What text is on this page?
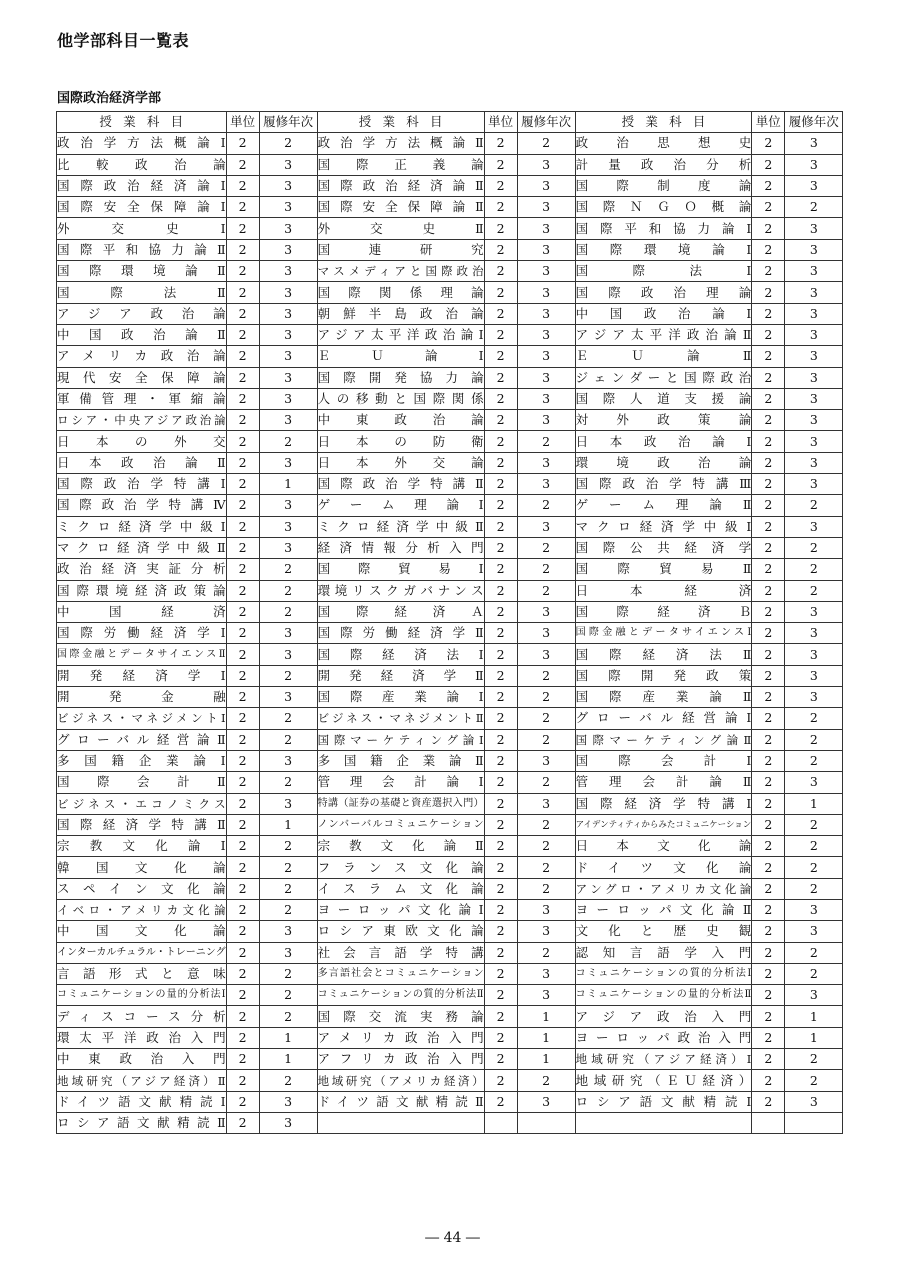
他学部科目一覧表
国際政治経済学部
授業科目	単位	履修年次	授業科目	単位	履修年次	授業科目	単位	履修年次
政治学方法概論Ⅰ	2	2	政治学方法概論Ⅱ	2	2	政治思想史	2	3
比較政治論	2	3	国際正義論	2	3	計量政治分析	2	3
国際政治経済論Ⅰ	2	3	国際政治経済論Ⅱ	2	3	国際制度論	2	3
国際安全保障論Ⅰ	2	3	国際安全保障論Ⅱ	2	3	国際ＮＧＯ概論	2	2
外交史Ⅰ	2	3	外交史Ⅱ	2	3	国際平和協力論Ⅰ	2	3
国際平和協力論Ⅱ	2	3	国連研究	2	3	国際環境論Ⅰ	2	3
国際環境論Ⅱ	2	3	マスメディアと国際政治	2	3	国際法Ⅰ	2	3
国際法Ⅱ	2	3	国際関係理論	2	3	国際政治理論	2	3
アジア政治論	2	3	朝鮮半島政治論	2	3	中国政治論Ⅰ	2	3
中国政治論Ⅱ	2	3	アジア太平洋政治論Ⅰ	2	3	アジア太平洋政治論Ⅱ	2	3
アメリカ政治論	2	3	ＥＵ論Ⅰ	2	3	ＥＵ論Ⅱ	2	3
現代安全保障論	2	3	国際開発協力論	2	3	ジェンダーと国際政治	2	3
軍備管理・軍縮論	2	3	人の移動と国際関係	2	3	国際人道支援論	2	3
ロシア・中央アジア政治論	2	3	中東政治論	2	3	対外政策論	2	3
日本の外交	2	2	日本の防衛	2	2	日本政治論Ⅰ	2	3
日本政治論Ⅱ	2	3	日本外交論	2	3	環境政治論	2	3
国際政治学特講Ⅰ	2	1	国際政治学特講Ⅱ	2	3	国際政治学特講Ⅲ	2	3
国際政治学特講Ⅳ	2	3	ゲーム理論Ⅰ	2	2	ゲーム理論Ⅱ	2	2
ミクロ経済学中級Ⅰ	2	3	ミクロ経済学中級Ⅱ	2	3	マクロ経済学中級Ⅰ	2	3
マクロ経済学中級Ⅱ	2	3	経済情報分析入門	2	2	国際公共経済学	2	2
政治経済実証分析	2	2	国際貿易Ⅰ	2	2	国際貿易Ⅱ	2	2
国際環境経済政策論	2	2	環境リスクガバナンス	2	2	日本経済	2	2
中国経済	2	2	国際経済Ａ	2	3	国際経済Ｂ	2	3
国際労働経済学Ⅰ	2	3	国際労働経済学Ⅱ	2	3	国際金融とデータサイエンスⅠ	2	3
国際金融とデータサイエンスⅡ	2	3	国際経済法Ⅰ	2	3	国際経済法Ⅱ	2	3
開発経済学Ⅰ	2	2	開発経済学Ⅱ	2	2	国際開発政策	2	3
開発金融	2	3	国際産業論Ⅰ	2	2	国際産業論Ⅱ	2	3
ビジネス・マネジメントⅠ	2	2	ビジネス・マネジメントⅡ	2	2	グローバル経営論Ⅰ	2	2
グローバル経営論Ⅱ	2	2	国際マーケティング論Ⅰ	2	2	国際マーケティング論Ⅱ	2	2
多国籍企業論Ⅰ	2	3	多国籍企業論Ⅱ	2	3	国際会計Ⅰ	2	2
国際会計Ⅱ	2	2	管理会計論Ⅰ	2	2	管理会計論Ⅱ	2	3
ビジネス・エコノミクス	2	3	特講（証券の基礎と資産選択入門）	2	3	国際経済学特講Ⅰ	2	1
国際経済学特講Ⅱ	2	1	ノンバーバルコミュニケーション	2	2	アイデンティティからみたコミュニケーション	2	2
宗教文化論Ⅰ	2	2	宗教文化論Ⅱ	2	2	日本文化論	2	2
韓国文化論	2	2	フランス文化論	2	2	ドイツ文化論	2	2
スペイン文化論	2	2	イスラム文化論	2	2	アングロ・アメリカ文化論	2	2
イベロ・アメリカ文化論	2	2	ヨーロッパ文化論Ⅰ	2	3	ヨーロッパ文化論Ⅱ	2	3
中国文化論	2	3	ロシア東欧文化論	2	3	文化と歴史観	2	3
インターカルチュラル・トレーニング	2	3	社会言語学特講	2	2	認知言語学入門	2	2
言語形式と意味	2	2	多言語社会とコミュニケーション	2	3	コミュニケーションの質的分析法Ⅰ	2	2
コミュニケーションの量的分析法Ⅰ	2	2	コミュニケーションの質的分析法Ⅱ	2	3	コミュニケーションの量的分析法Ⅱ	2	3
ディスコース分析	2	2	国際交流実務論	2	1	アジア政治入門	2	1
環太平洋政治入門	2	1	アメリカ政治入門	2	1	ヨーロッパ政治入門	2	1
中東政治入門	2	1	アフリカ政治入門	2	1	地域研究（アジア経済）Ⅰ	2	2
地域研究（アジア経済）Ⅱ	2	2	地域研究（アメリカ経済）	2	2	地域研究（ＥＵ経済）	2	2
ドイツ語文献精読Ⅰ	2	3	ドイツ語文献精読Ⅱ	2	3	ロシア語文献精読Ⅰ	2	3
ロシア語文献精読Ⅱ	2	3						
― 44 ―
